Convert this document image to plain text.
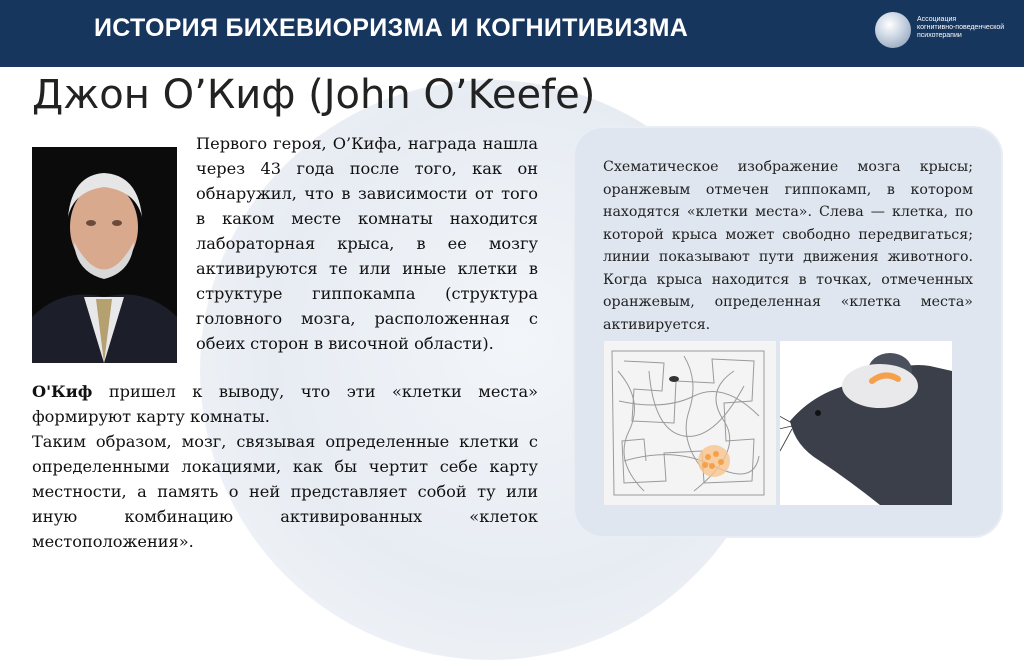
ИСТОРИЯ БИХЕВИОРИЗМА И КОГНИТИВИЗМА	Ассоциация
когнитивно-поведенческой
психотерапии
Джон О’Киф (John O’Keefe)
Первого героя, О’Кифа, награда нашла через 43 года после того, как он обнаружил, что в зависимости от того в каком месте комнаты находится лабораторная крыса, в ее мозгу активируются те или иные клетки в структуре гиппокампа (структура головного мозга, расположенная с обеих сторон в височной области).

О'Киф пришел к выводу, что эти «клетки места» формируют карту комнаты.

Таким образом, мозг, связывая определенные клетки с определенными локациями, как бы чертит себе карту местности, а память о ней представляет собой ту или иную комбинацию активированных «клеток местоположения».

Схематическое изображение мозга крысы; оранжевым отмечен гиппокамп, в котором находятся «клетки места». Слева — клетка, по которой крыса может свободно передвигаться; линии показывают пути движения животного. Когда крыса находится в точках, отмеченных оранжевым, определенная «клетка места» активируется.
